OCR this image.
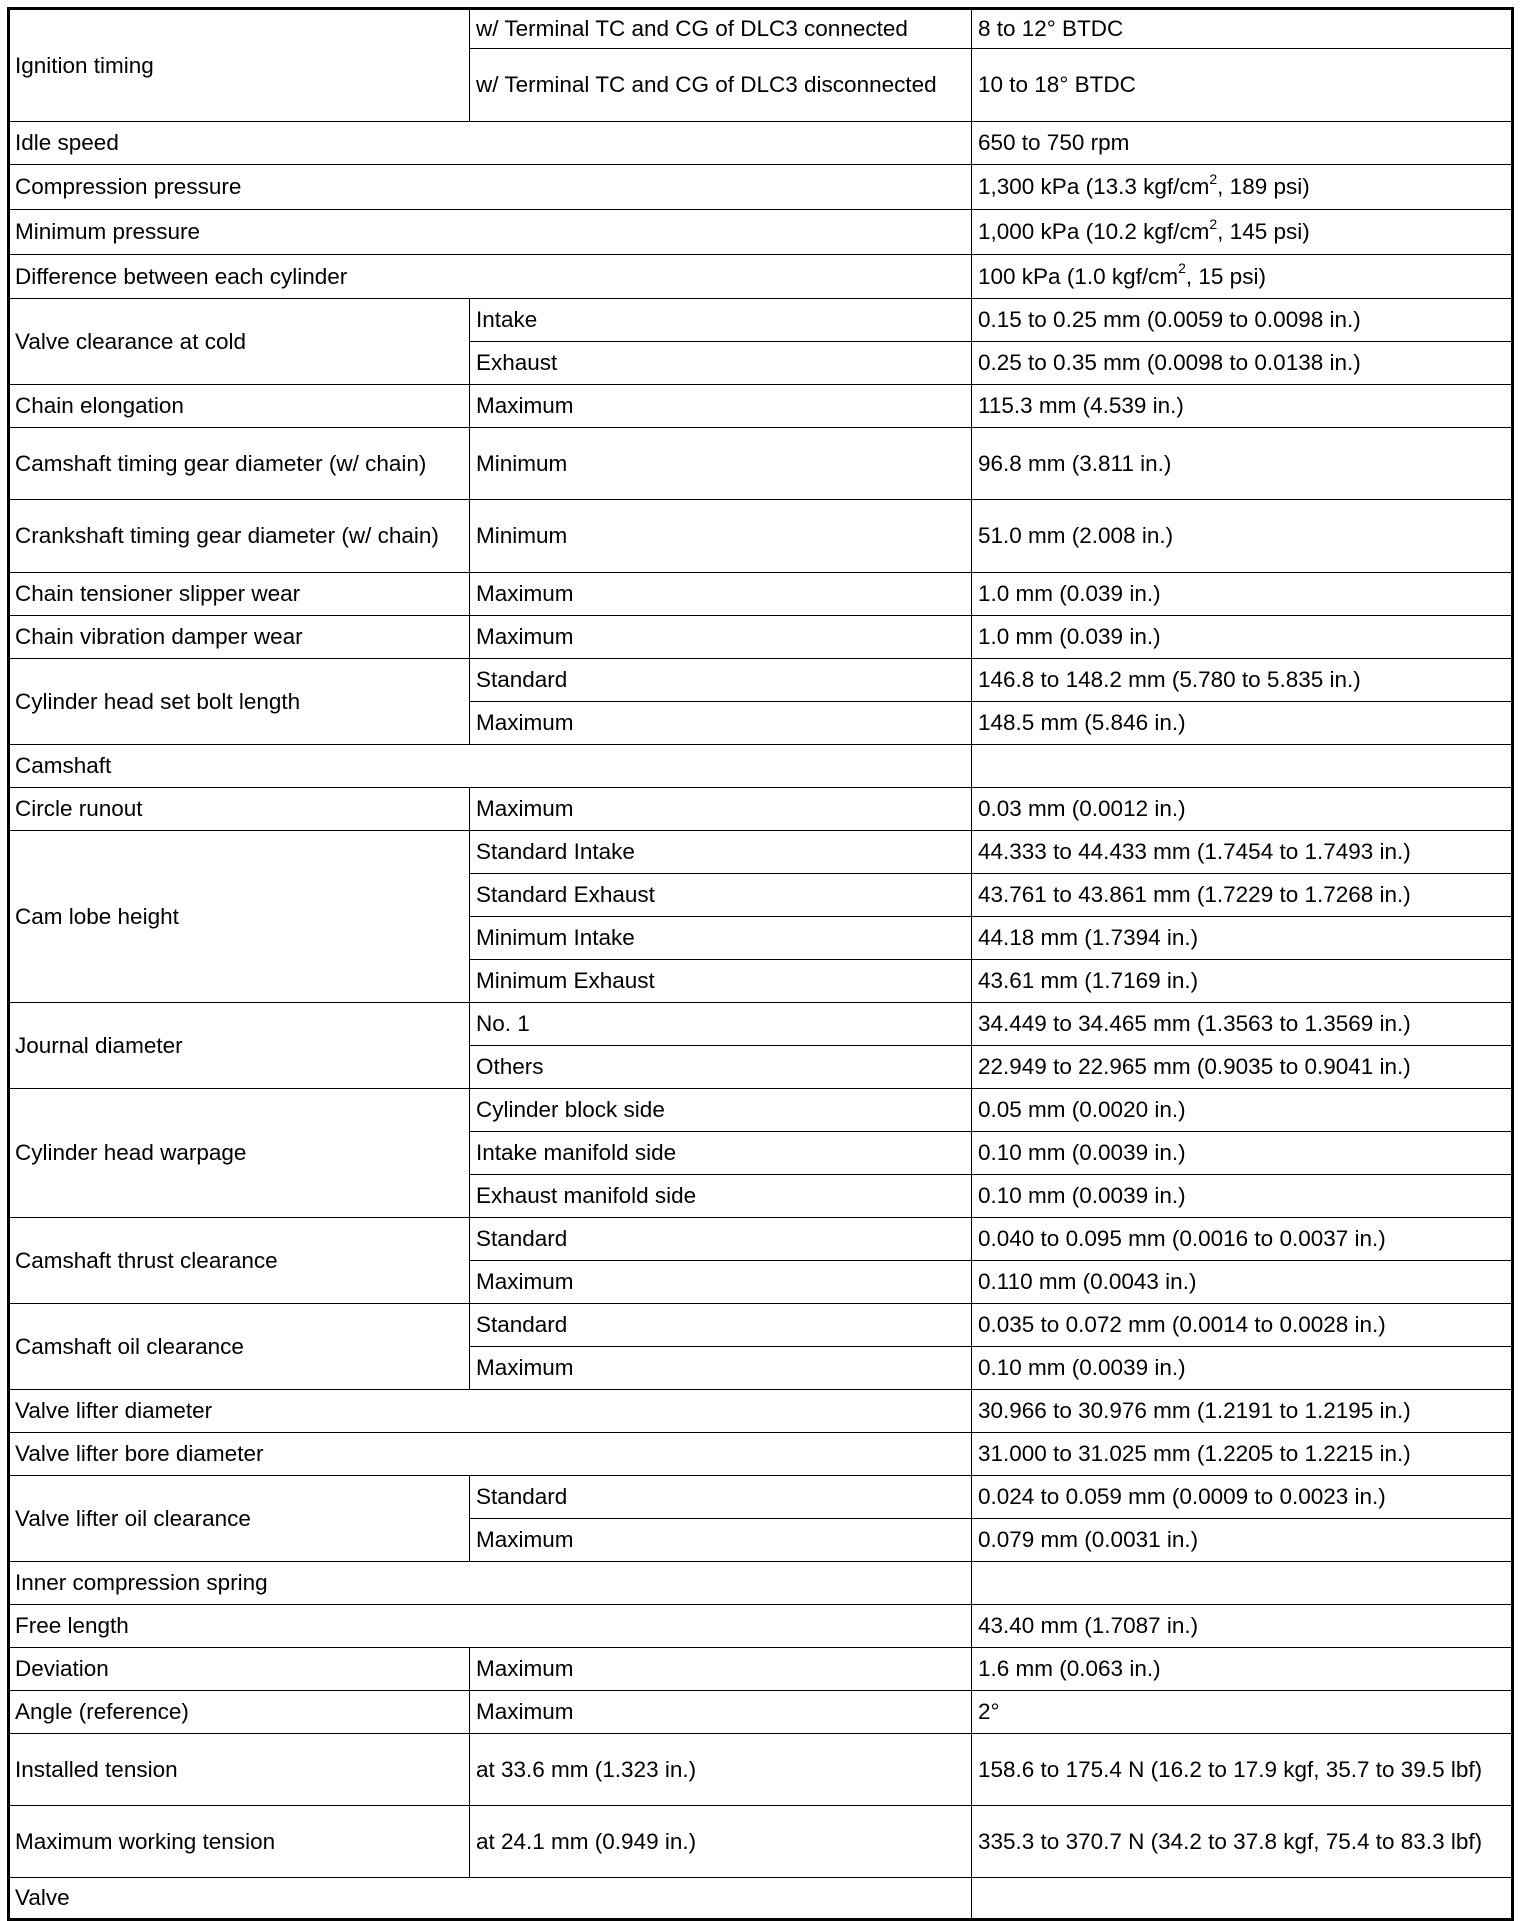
Ignition timing	w/ Terminal TC and CG of DLC3 connected	8 to 12° BTDC
	w/ Terminal TC and CG of DLC3 disconnected	10 to 18° BTDC
Idle speed		650 to 750 rpm
Compression pressure		1,300 kPa (13.3 kgf/$cm^2$, 189 psi)
Minimum pressure		1,000 kPa (10.2 kgf/$cm^2$, 145 psi)
Difference between each cylinder		100 kPa (1.0 kgf/$cm^2$, 15 psi)
Valve clearance at cold	Intake	0.15 to 0.25 mm (0.0059 to 0.0098 in.)
	Exhaust	0.25 to 0.35 mm (0.0098 to 0.0138 in.)
Chain elongation	Maximum	115.3 mm (4.539 in.)
Camshaft timing gear diameter (w/ chain)	Minimum	96.8 mm (3.811 in.)
Crankshaft timing gear diameter (w/ chain)	Minimum	51.0 mm (2.008 in.)
Chain tensioner slipper wear	Maximum	1.0 mm (0.039 in.)
Chain vibration damper wear	Maximum	1.0 mm (0.039 in.)
Cylinder head set bolt length	Standard	146.8 to 148.2 mm (5.780 to 5.835 in.)
	Maximum	148.5 mm (5.846 in.)
Camshaft		
Circle runout	Maximum	0.03 mm (0.0012 in.)
Cam lobe height	Standard Intake	44.333 to 44.433 mm (1.7454 to 1.7493 in.)
	Standard Exhaust	43.761 to 43.861 mm (1.7229 to 1.7268 in.)
	Minimum Intake	44.18 mm (1.7394 in.)
	Minimum Exhaust	43.61 mm (1.7169 in.)
Journal diameter	No. 1	34.449 to 34.465 mm (1.3563 to 1.3569 in.)
	Others	22.949 to 22.965 mm (0.9035 to 0.9041 in.)
Cylinder head warpage	Cylinder block side	0.05 mm (0.0020 in.)
	Intake manifold side	0.10 mm (0.0039 in.)
	Exhaust manifold side	0.10 mm (0.0039 in.)
Camshaft thrust clearance	Standard	0.040 to 0.095 mm (0.0016 to 0.0037 in.)
	Maximum	0.110 mm (0.0043 in.)
Camshaft oil clearance	Standard	0.035 to 0.072 mm (0.0014 to 0.0028 in.)
	Maximum	0.10 mm (0.0039 in.)
Valve lifter diameter		30.966 to 30.976 mm (1.2191 to 1.2195 in.)
Valve lifter bore diameter		31.000 to 31.025 mm (1.2205 to 1.2215 in.)
Valve lifter oil clearance	Standard	0.024 to 0.059 mm (0.0009 to 0.0023 in.)
	Maximum	0.079 mm (0.0031 in.)
Inner compression spring		
Free length		43.40 mm (1.7087 in.)
Deviation	Maximum	1.6 mm (0.063 in.)
Angle (reference)	Maximum	2°
Installed tension	at 33.6 mm (1.323 in.)	158.6 to 175.4 N (16.2 to 17.9 kgf, 35.7 to 39.5 lbf)
Maximum working tension	at 24.1 mm (0.949 in.)	335.3 to 370.7 N (34.2 to 37.8 kgf, 75.4 to 83.3 lbf)
Valve		
